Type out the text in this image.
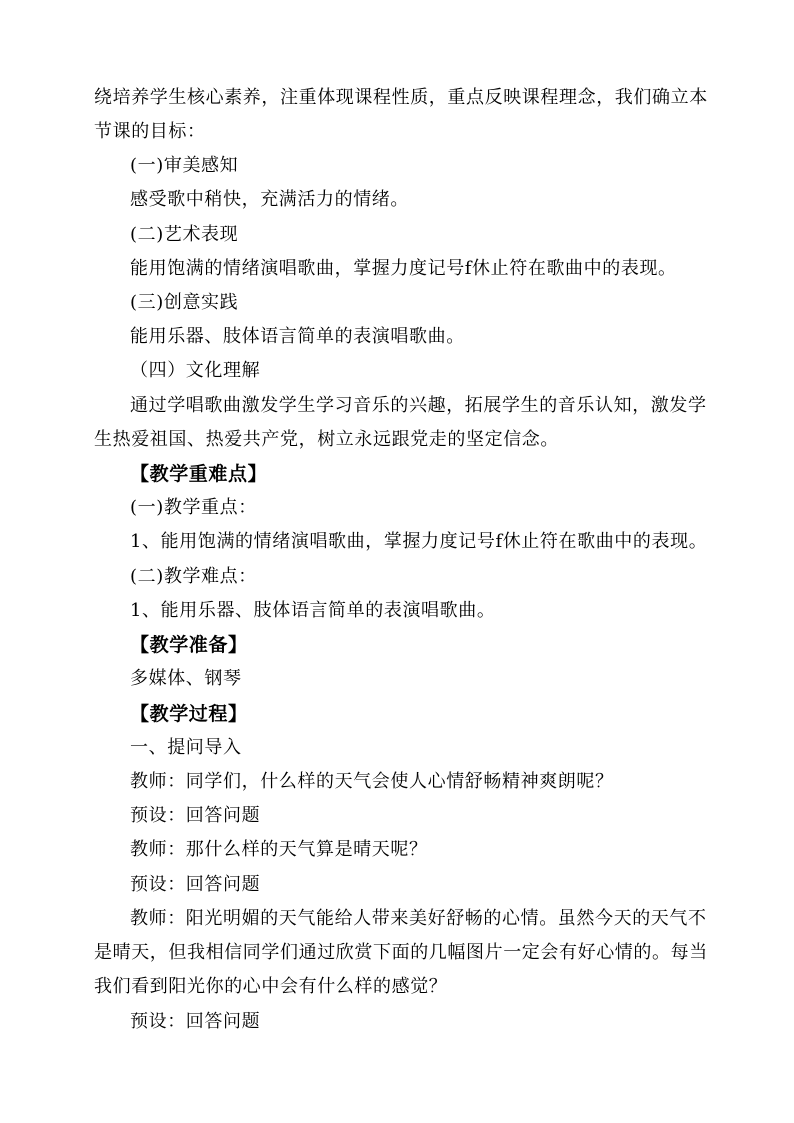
绕培养学生核心素养，注重体现课程性质，重点反映课程理念，我们确立本
节课的目标：
(一)审美感知
感受歌中稍快，充满活力的情绪。
(二)艺术表现
能用饱满的情绪演唱歌曲，掌握力度记号f休止符在歌曲中的表现。
(三)创意实践
能用乐器、肢体语言简单的表演唱歌曲。
（四）文化理解
通过学唱歌曲激发学生学习音乐的兴趣，拓展学生的音乐认知，激发学
生热爱祖国、热爱共产党，树立永远跟党走的坚定信念。
【教学重难点】
(一)教学重点：
1、能用饱满的情绪演唱歌曲，掌握力度记号f休止符在歌曲中的表现。
(二)教学难点：
1、能用乐器、肢体语言简单的表演唱歌曲。
【教学准备】
多媒体、钢琴
【教学过程】
一、提问导入
教师：同学们，什么样的天气会使人心情舒畅精神爽朗呢？
预设：回答问题
教师：那什么样的天气算是晴天呢？
预设：回答问题
教师：阳光明媚的天气能给人带来美好舒畅的心情。虽然今天的天气不
是晴天，但我相信同学们通过欣赏下面的几幅图片一定会有好心情的。每当
我们看到阳光你的心中会有什么样的感觉？
预设：回答问题
